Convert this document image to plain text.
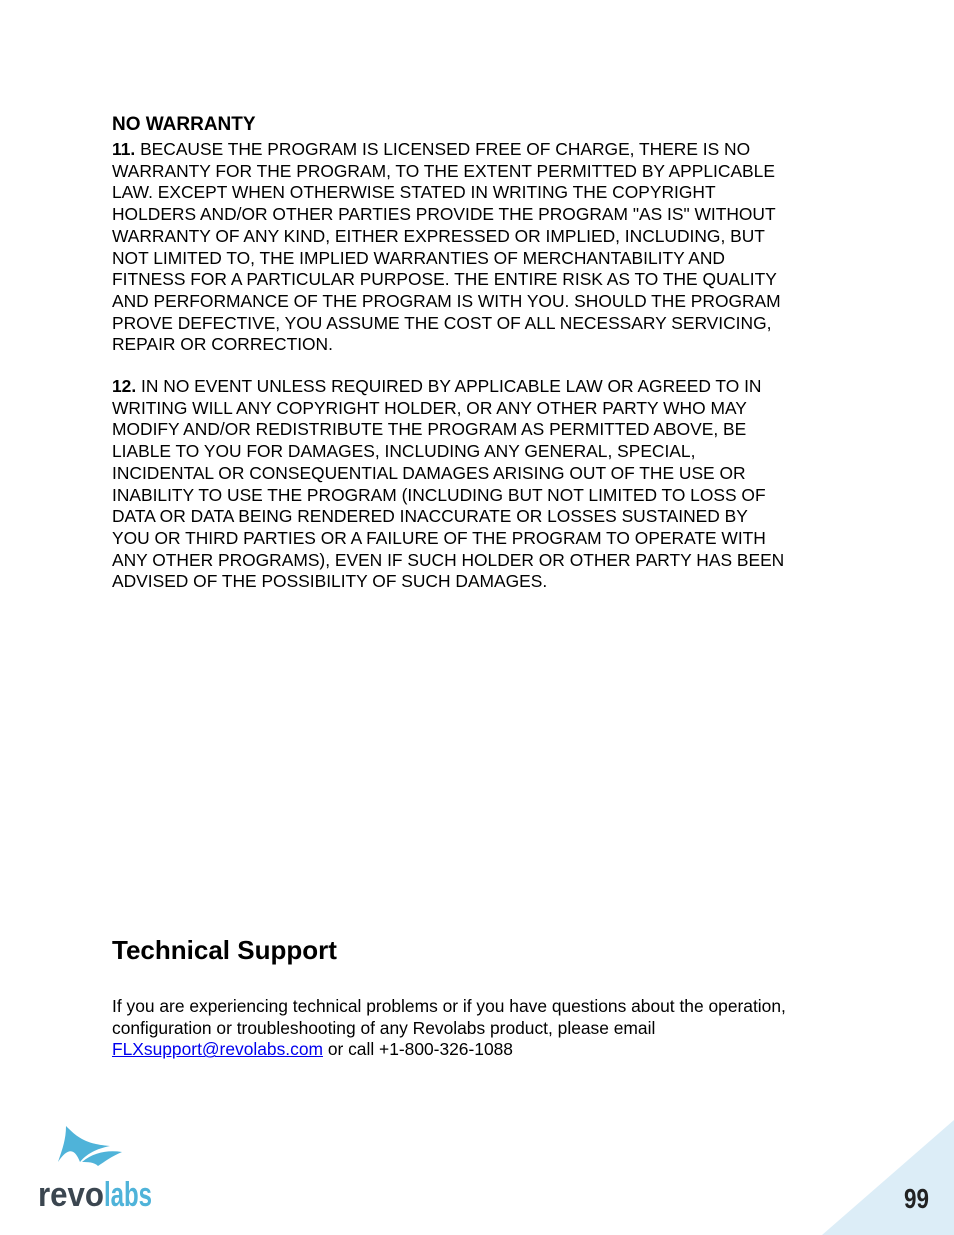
NO WARRANTY
11. BECAUSE THE PROGRAM IS LICENSED FREE OF CHARGE, THERE IS NO
WARRANTY FOR THE PROGRAM, TO THE EXTENT PERMITTED BY APPLICABLE
LAW. EXCEPT WHEN OTHERWISE STATED IN WRITING THE COPYRIGHT
HOLDERS AND/OR OTHER PARTIES PROVIDE THE PROGRAM "AS IS" WITHOUT
WARRANTY OF ANY KIND, EITHER EXPRESSED OR IMPLIED, INCLUDING, BUT
NOT LIMITED TO, THE IMPLIED WARRANTIES OF MERCHANTABILITY AND
FITNESS FOR A PARTICULAR PURPOSE. THE ENTIRE RISK AS TO THE QUALITY
AND PERFORMANCE OF THE PROGRAM IS WITH YOU. SHOULD THE PROGRAM
PROVE DEFECTIVE, YOU ASSUME THE COST OF ALL NECESSARY SERVICING,
REPAIR OR CORRECTION.
12. IN NO EVENT UNLESS REQUIRED BY APPLICABLE LAW OR AGREED TO IN
WRITING WILL ANY COPYRIGHT HOLDER, OR ANY OTHER PARTY WHO MAY
MODIFY AND/OR REDISTRIBUTE THE PROGRAM AS PERMITTED ABOVE, BE
LIABLE TO YOU FOR DAMAGES, INCLUDING ANY GENERAL, SPECIAL,
INCIDENTAL OR CONSEQUENTIAL DAMAGES ARISING OUT OF THE USE OR
INABILITY TO USE THE PROGRAM (INCLUDING BUT NOT LIMITED TO LOSS OF
DATA OR DATA BEING RENDERED INACCURATE OR LOSSES SUSTAINED BY
YOU OR THIRD PARTIES OR A FAILURE OF THE PROGRAM TO OPERATE WITH
ANY OTHER PROGRAMS), EVEN IF SUCH HOLDER OR OTHER PARTY HAS BEEN
ADVISED OF THE POSSIBILITY OF SUCH DAMAGES.
Technical Support
If you are experiencing technical problems or if you have questions about the operation,
configuration or troubleshooting of any Revolabs product, please email
FLXsupport@revolabs.com or call +1-800-326-1088
revo labs	99
